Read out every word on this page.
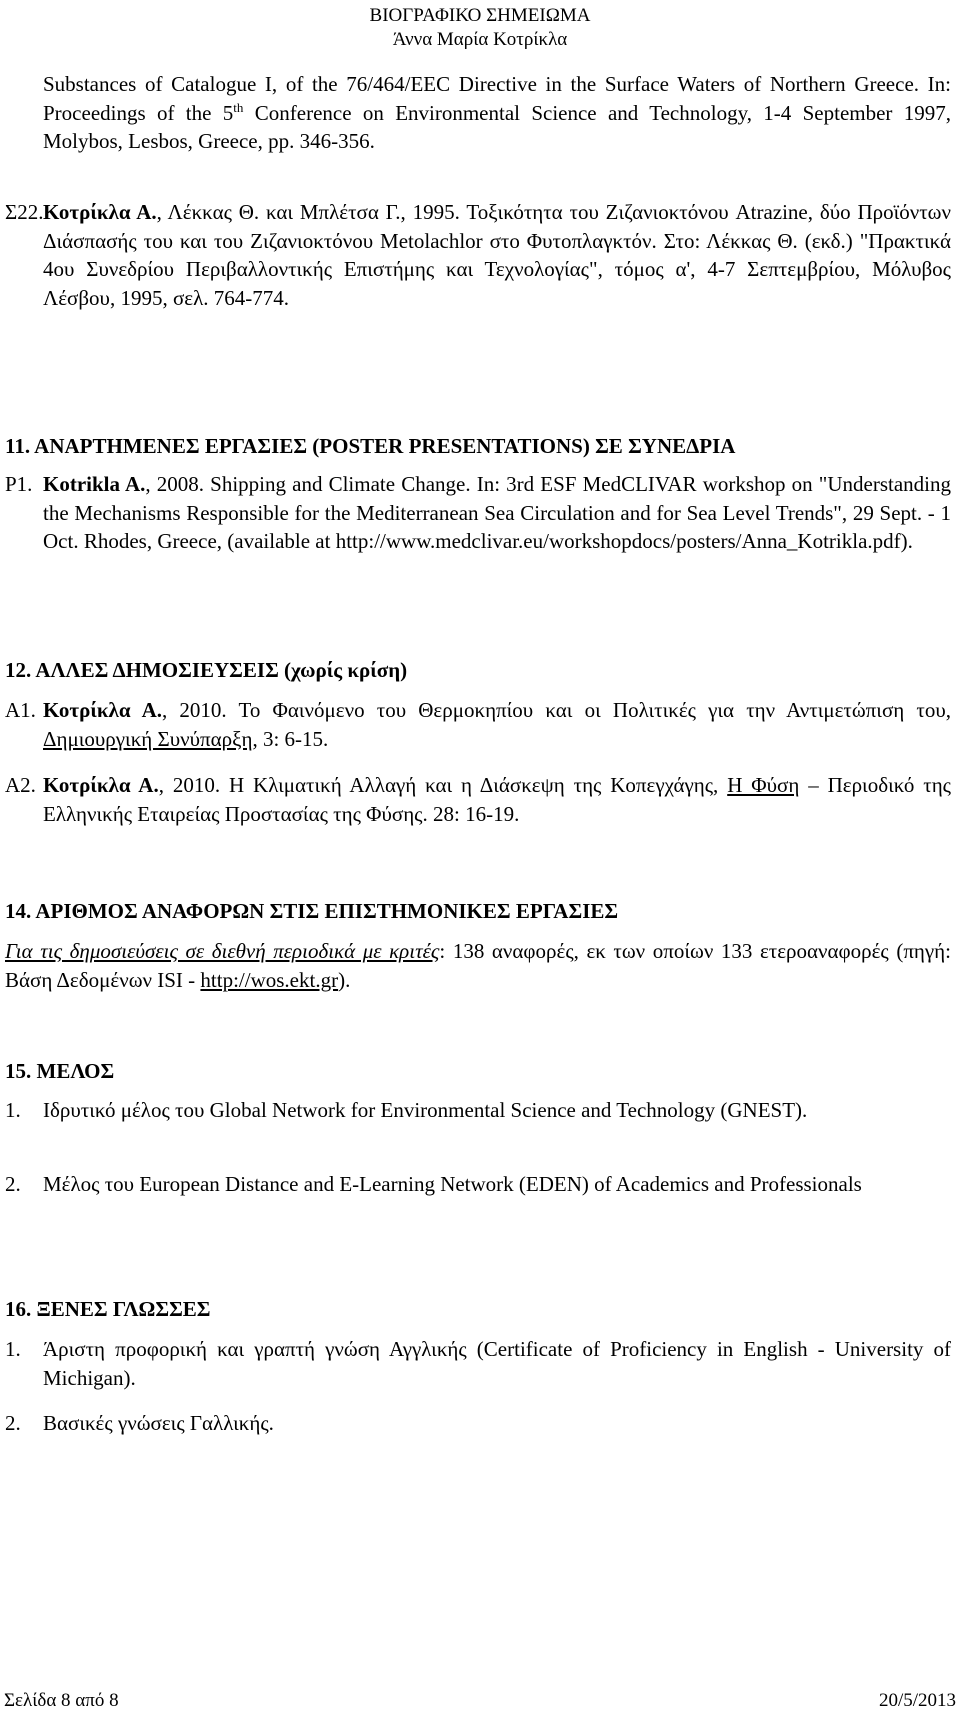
ΒΙΟΓΡΑΦΙΚΟ ΣΗΜΕΙΩΜΑ
Άννα Μαρία Κοτρίκλα
Substances of Catalogue I, of the 76/464/EEC Directive in the Surface Waters of Northern Greece. In: Proceedings of the 5th Conference on Environmental Science and Technology, 1-4 September 1997, Molybos, Lesbos, Greece, pp. 346-356.
Σ22. Κοτρίκλα Α., Λέκκας Θ. και Μπλέτσα Γ., 1995. Τοξικότητα του Ζιζανιοκτόνου Atrazine, δύο Προϊόντων Διάσπασής του και του Ζιζανιοκτόνου Metolachlor στο Φυτοπλαγκτόν. Στο: Λέκκας Θ. (εκδ.) "Πρακτικά 4ου Συνεδρίου Περιβαλλοντικής Επιστήμης και Τεχνολογίας", τόμος α', 4-7 Σεπτεμβρίου, Μόλυβος Λέσβου, 1995, σελ. 764-774.
11. ΑΝΑΡΤΗΜΕΝΕΣ ΕΡΓΑΣΙΕΣ (POSTER PRESENTATIONS) ΣΕ ΣΥΝΕΔΡΙΑ
P1. Kotrikla A., 2008. Shipping and Climate Change. In: 3rd ESF MedCLIVAR workshop on "Understanding the Mechanisms Responsible for the Mediterranean Sea Circulation and for Sea Level Trends", 29 Sept. - 1 Oct. Rhodes, Greece, (available at http://www.medclivar.eu/workshopdocs/posters/Anna_Kotrikla.pdf).
12. ΑΛΛΕΣ ΔΗΜΟΣΙΕΥΣΕΙΣ (χωρίς κρίση)
Α1. Κοτρίκλα Α., 2010. Το Φαινόμενο του Θερμοκηπίου και οι Πολιτικές για την Αντιμετώπιση του, Δημιουργική Συνύπαρξη, 3: 6-15.
Α2. Κοτρίκλα Α., 2010. Η Κλιματική Αλλαγή και η Διάσκεψη της Κοπεγχάγης, Η Φύση – Περιοδικό της Ελληνικής Εταιρείας Προστασίας της Φύσης. 28: 16-19.
14. ΑΡΙΘΜΟΣ ΑΝΑΦΟΡΩΝ ΣΤΙΣ ΕΠΙΣΤΗΜΟΝΙΚΕΣ ΕΡΓΑΣΙΕΣ
Για τις δημοσιεύσεις σε διεθνή περιοδικά με κριτές: 138 αναφορές, εκ των οποίων 133 ετεροαναφορές (πηγή: Βάση Δεδομένων ISI - http://wos.ekt.gr).
15. ΜΕΛΟΣ
1. Ιδρυτικό μέλος του Global Network for Environmental Science and Technology (GNEST).
2. Μέλος του European Distance and E-Learning Network (EDEN) of Academics and Professionals
16. ΞΕΝΕΣ ΓΛΩΣΣΕΣ
1. Άριστη προφορική και γραπτή γνώση Αγγλικής (Certificate of Proficiency in English - University of Michigan).
2. Βασικές γνώσεις Γαλλικής.
Σελίδα 8 από 8	20/5/2013
